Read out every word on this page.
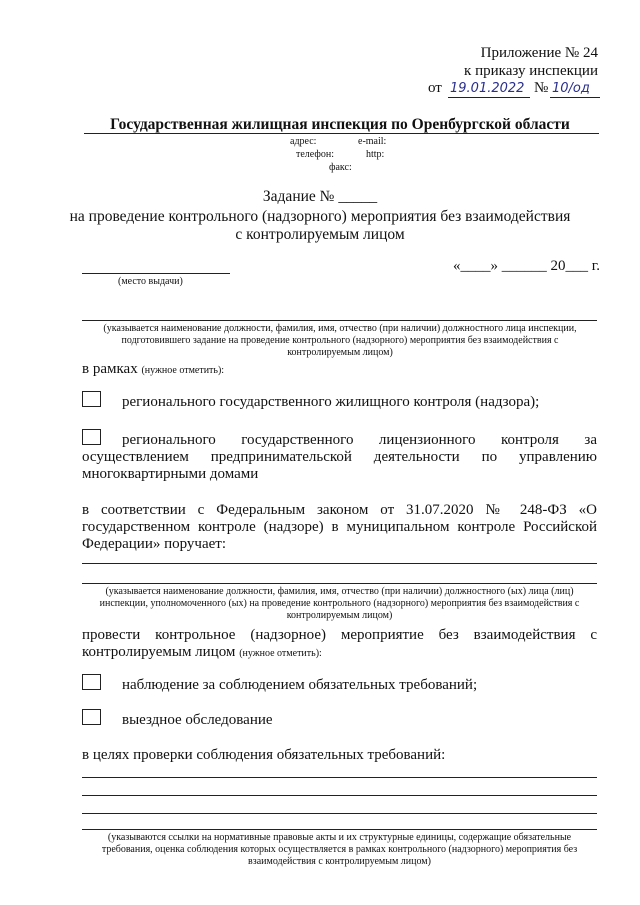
Приложение № 24
к приказу инспекции
от 19.01.2022 № 10/од
Государственная жилищная инспекция по Оренбургской области
адрес:	e-mail:
телефон:	http:
факс:
Задание № _____
на проведение контрольного (надзорного) мероприятия без взаимодействия
с контролируемым лицом
(место выдачи)
«____» ______ 20___ г.
(указывается наименование должности, фамилия, имя, отчество (при наличии) должностного лица инспекции, подготовившего задание на проведение контрольного (надзорного) мероприятия без взаимодействия с контролируемым лицом)
в рамках (нужное отметить):
регионального государственного жилищного контроля (надзора);
регионального государственного лицензионного контроля за осуществлением предпринимательской деятельности по управлению многоквартирными домами
в соответствии с Федеральным законом от 31.07.2020 № 248-ФЗ «О государственном контроле (надзоре) в муниципальном контроле Российской Федерации» поручает:
(указывается наименование должности, фамилия, имя, отчество (при наличии) должностного (ых) лица (лиц) инспекции, уполномоченного (ых) на проведение контрольного (надзорного) мероприятия без взаимодействия с контролируемым лицом)
провести контрольное (надзорное) мероприятие без взаимодействия с контролируемым лицом (нужное отметить):
наблюдение за соблюдением обязательных требований;
выездное обследование
в целях проверки соблюдения обязательных требований:
(указываются ссылки на нормативные правовые акты и их структурные единицы, содержащие обязательные требования, оценка соблюдения которых осуществляется в рамках контрольного (надзорного) мероприятия без взаимодействия с контролируемым лицом)
